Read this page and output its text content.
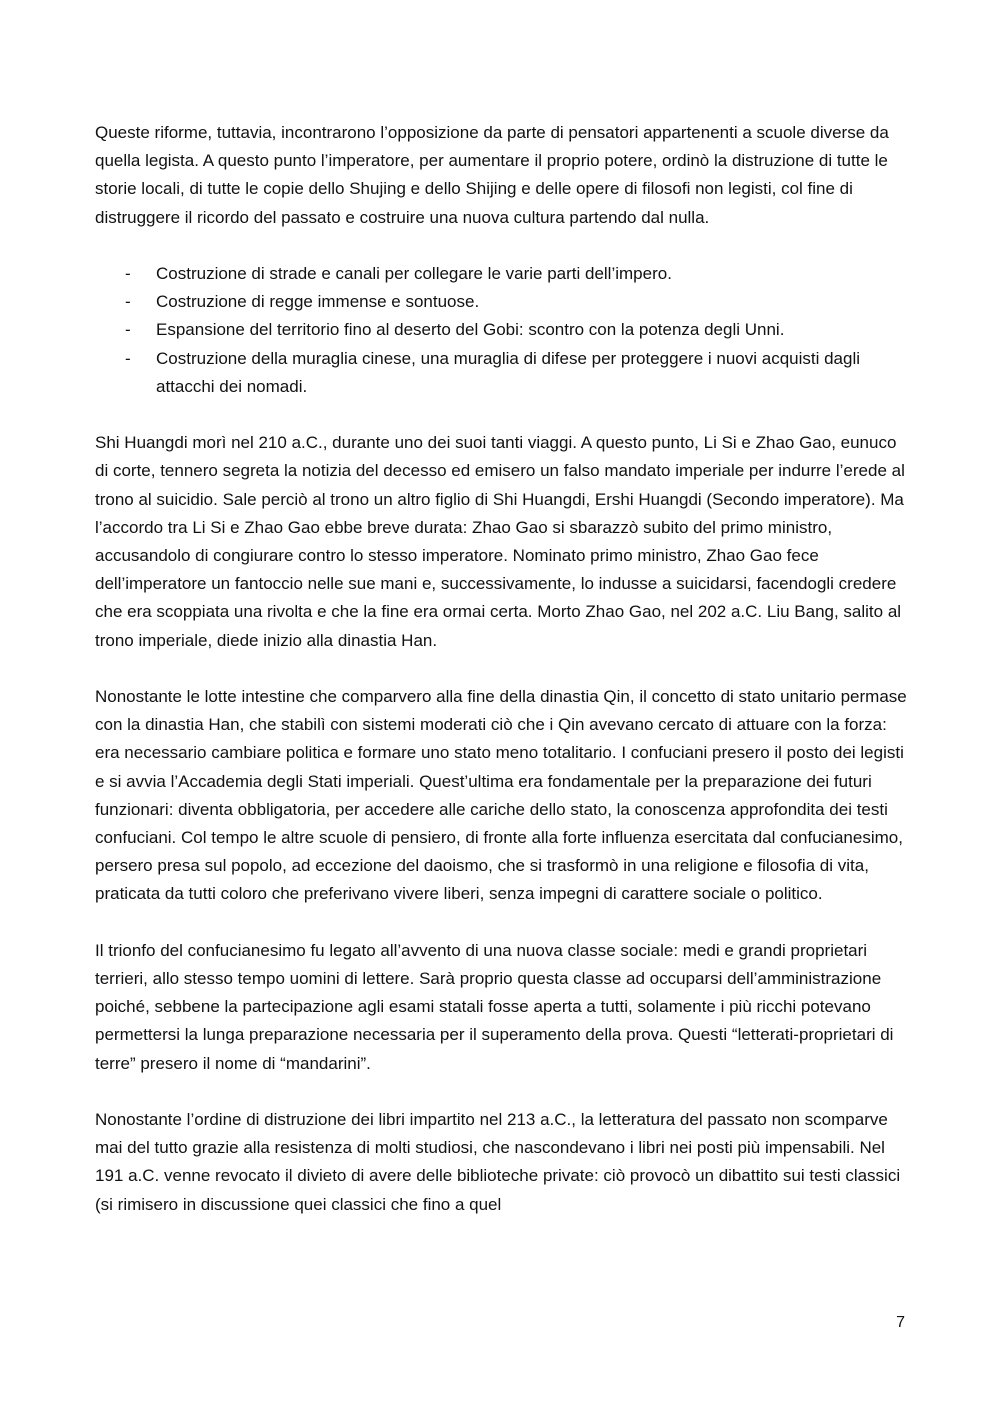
Queste riforme, tuttavia, incontrarono l’opposizione da parte di pensatori appartenenti a scuole diverse da quella legista. A questo punto l’imperatore, per aumentare il proprio potere, ordinò la distruzione di tutte le storie locali, di tutte le copie dello Shujing e dello Shijing e delle opere di filosofi non legisti, col fine di distruggere il ricordo del passato e costruire una nuova cultura partendo dal nulla.

- Costruzione di strade e canali per collegare le varie parti dell’impero.
- Costruzione di regge immense e sontuose.
- Espansione del territorio fino al deserto del Gobi: scontro con la potenza degli Unni.
- Costruzione della muraglia cinese, una muraglia di difese per proteggere i nuovi acquisti dagli attacchi dei nomadi.

Shi Huangdi morì nel 210 a.C., durante uno dei suoi tanti viaggi. A questo punto, Li Si e Zhao Gao, eunuco di corte, tennero segreta la notizia del decesso ed emisero un falso mandato imperiale per indurre l’erede al trono al suicidio. Sale perciò al trono un altro figlio di Shi Huangdi, Ershi Huangdi (Secondo imperatore). Ma l’accordo tra Li Si e Zhao Gao ebbe breve durata: Zhao Gao si sbarazzò subito del primo ministro, accusandolo di congiurare contro lo stesso imperatore. Nominato primo ministro, Zhao Gao fece dell’imperatore un fantoccio nelle sue mani e, successivamente, lo indusse a suicidarsi, facendogli credere che era scoppiata una rivolta e che la fine era ormai certa. Morto Zhao Gao, nel 202 a.C. Liu Bang, salito al trono imperiale, diede inizio alla dinastia Han.

Nonostante le lotte intestine che comparvero alla fine della dinastia Qin, il concetto di stato unitario permase con la dinastia Han, che stabilì con sistemi moderati ciò che i Qin avevano cercato di attuare con la forza: era necessario cambiare politica e formare uno stato meno totalitario. I confuciani presero il posto dei legisti e si avvia l’Accademia degli Stati imperiali. Quest’ultima era fondamentale per la preparazione dei futuri funzionari: diventa obbligatoria, per accedere alle cariche dello stato, la conoscenza approfondita dei testi confuciani. Col tempo le altre scuole di pensiero, di fronte alla forte influenza esercitata dal confucianesimo, persero presa sul popolo, ad eccezione del daoismo, che si trasformò in una religione e filosofia di vita, praticata da tutti coloro che preferivano vivere liberi, senza impegni di carattere sociale o politico.

Il trionfo del confucianesimo fu legato all’avvento di una nuova classe sociale: medi e grandi proprietari terrieri, allo stesso tempo uomini di lettere. Sarà proprio questa classe ad occuparsi dell’amministrazione poiché, sebbene la partecipazione agli esami statali fosse aperta a tutti, solamente i più ricchi potevano permettersi la lunga preparazione necessaria per il superamento della prova. Questi “letterati-proprietari di terre” presero il nome di “mandarini”.

Nonostante l’ordine di distruzione dei libri impartito nel 213 a.C., la letteratura del passato non scomparve mai del tutto grazie alla resistenza di molti studiosi, che nascondevano i libri nei posti più impensabili. Nel 191 a.C. venne revocato il divieto di avere delle biblioteche private: ciò provocò un dibattito sui testi classici (si rimisero in discussione quei classici che fino a quel

7
